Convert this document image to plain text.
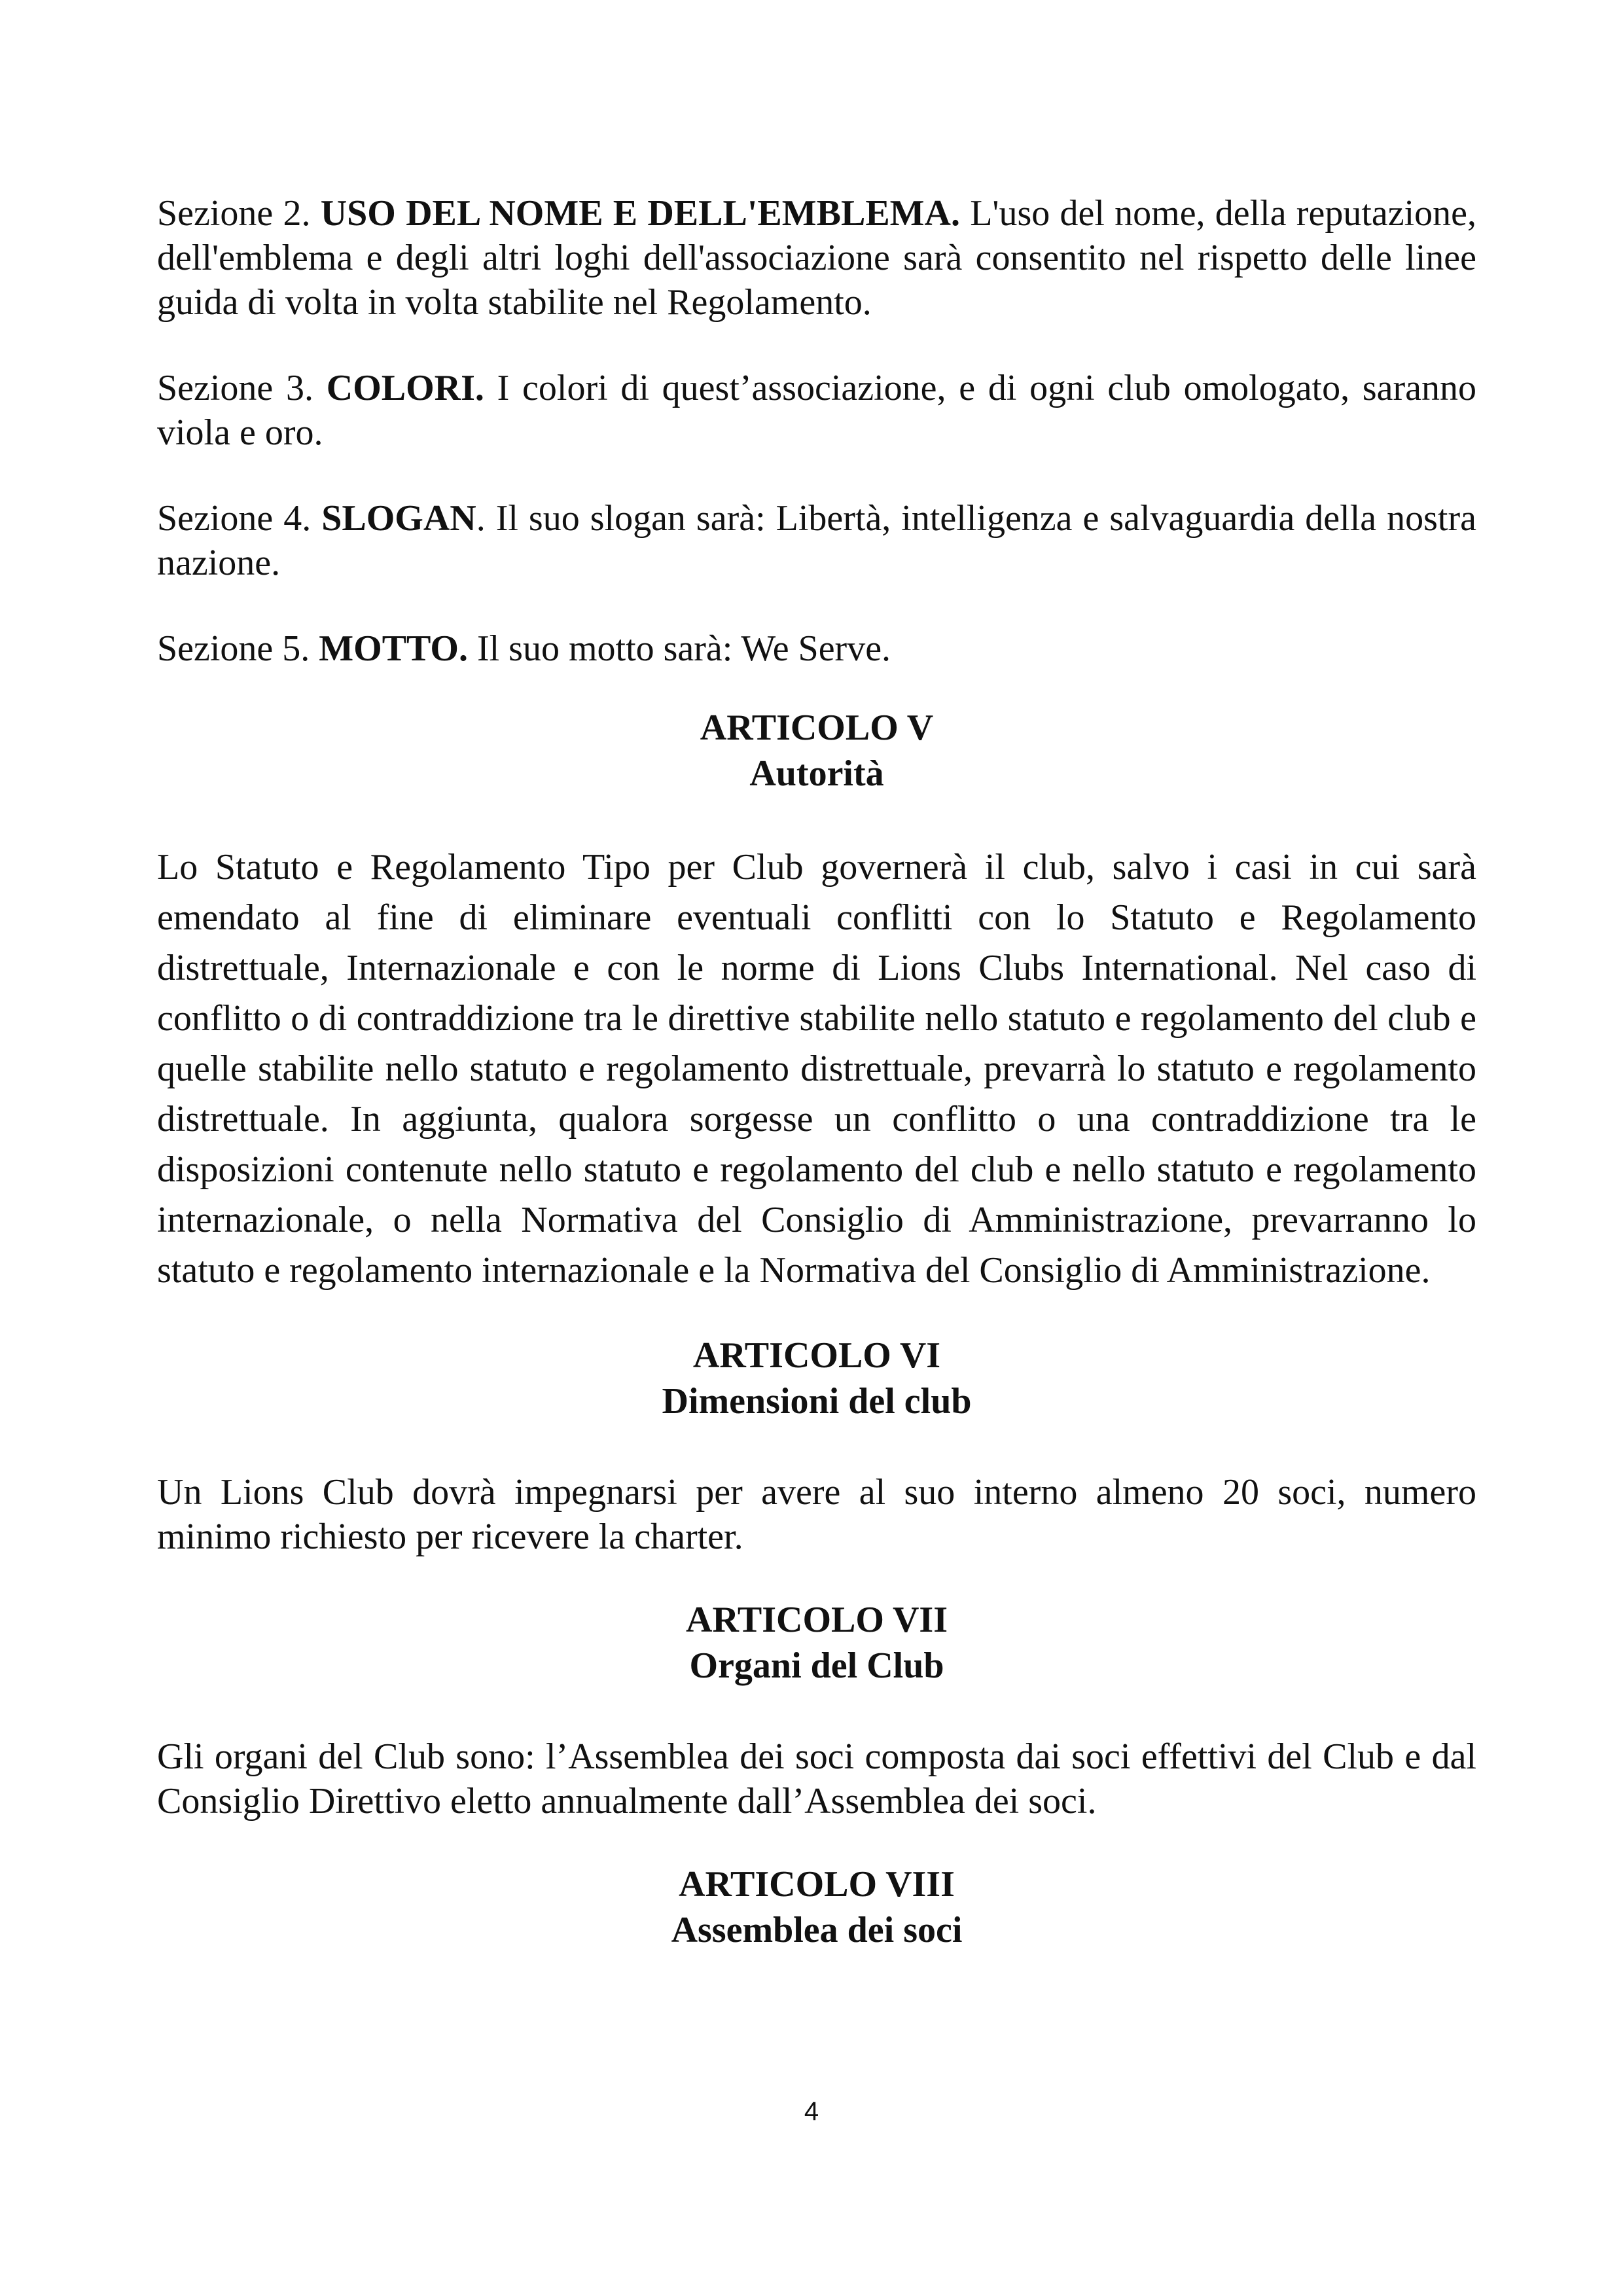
Sezione 2. USO DEL NOME E DELL'EMBLEMA. L'uso del nome, della reputazione, dell'emblema e degli altri loghi dell'associazione sarà consentito nel rispetto delle linee guida di volta in volta stabilite nel Regolamento.

Sezione 3. COLORI. I colori di quest’associazione, e di ogni club omologato, saranno viola e oro.

Sezione 4. SLOGAN. Il suo slogan sarà: Libertà, intelligenza e salvaguardia della nostra nazione.

Sezione 5. MOTTO. Il suo motto sarà: We Serve.

ARTICOLO V
Autorità

Lo Statuto e Regolamento Tipo per Club governerà il club, salvo i casi in cui sarà emendato al fine di eliminare eventuali conflitti con lo Statuto e Regolamento distrettuale, Internazionale e con le norme di Lions Clubs International. Nel caso di conflitto o di contraddizione tra le direttive stabilite nello statuto e regolamento del club e quelle stabilite nello statuto e regolamento distrettuale, prevarrà lo statuto e regolamento distrettuale. In aggiunta, qualora sorgesse un conflitto o una contraddizione tra le disposizioni contenute nello statuto e regolamento del club e nello statuto e regolamento internazionale, o nella Normativa del Consiglio di Amministrazione, prevarranno lo statuto e regolamento internazionale e la Normativa del Consiglio di Amministrazione.

ARTICOLO VI
Dimensioni del club

Un Lions Club dovrà impegnarsi per avere al suo interno almeno 20 soci, numero minimo richiesto per ricevere la charter.

ARTICOLO VII
Organi del Club

Gli organi del Club sono: l’Assemblea dei soci composta dai soci effettivi del Club e dal Consiglio Direttivo eletto annualmente dall’Assemblea dei soci.

ARTICOLO VIII
Assemblea dei soci
4
